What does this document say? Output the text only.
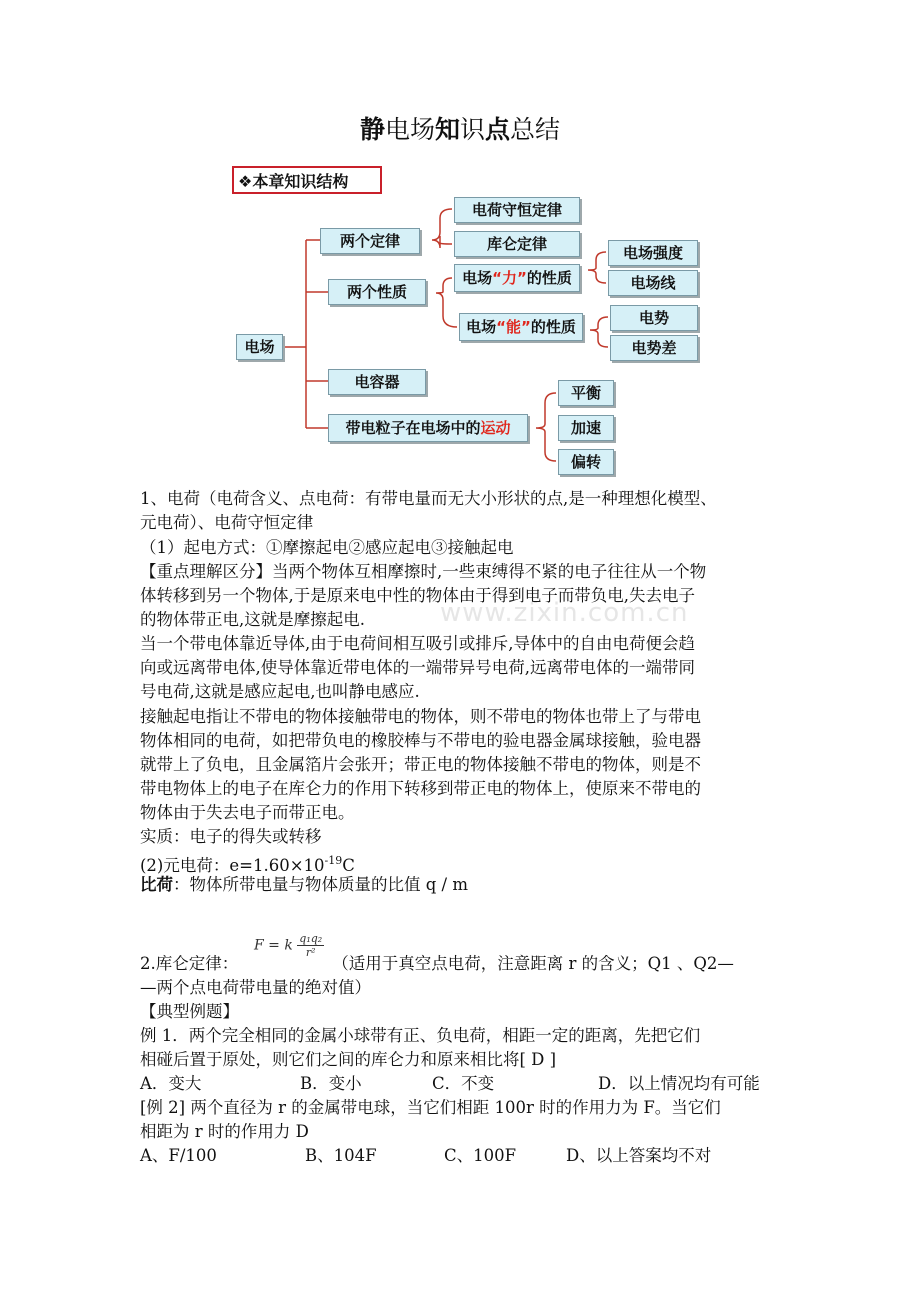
静电场知识点总结
❖本章知识结构
电荷守恒定律
库仑定律
两个定律
两个性质
电场“力”的性质
电场“能”的性质
电场强度
电场线
电势
电势差
电场
电容器
带电粒子在电场中的运动
平衡
加速
偏转
www.zixin.com.cn
1、电荷（电荷含义、点电荷：有带电量而无大小形状的点,是一种理想化模型、
元电荷）、电荷守恒定律
（1）起电方式：①摩擦起电②感应起电③接触起电
【重点理解区分】当两个物体互相摩擦时,一些束缚得不紧的电子往往从一个物
体转移到另一个物体,于是原来电中性的物体由于得到电子而带负电,失去电子
的物体带正电,这就是摩擦起电.
当一个带电体靠近导体,由于电荷间相互吸引或排斥,导体中的自由电荷便会趋
向或远离带电体,使导体靠近带电体的一端带异号电荷,远离带电体的一端带同
号电荷,这就是感应起电,也叫静电感应.
接触起电指让不带电的物体接触带电的物体，则不带电的物体也带上了与带电
物体相同的电荷，如把带负电的橡胶棒与不带电的验电器金属球接触，验电器
就带上了负电，且金属箔片会张开；带正电的物体接触不带电的物体，则是不
带电物体上的电子在库仑力的作用下转移到带正电的物体上，使原来不带电的
物体由于失去电子而带正电。
实质：电子的得失或转移
(2)元电荷：$e=1.60\times 10^{-19}C$
比荷：物体所带电量与物体质量的比值 q / m
F = k $\frac{\text{q₁q₂}}{\text{r²}}$
2.库仑定律：	（适用于真空点电荷，注意距离 r 的含义；Q1 、Q2—
—两个点电荷带电量的绝对值）
【典型例题】
例 1．两个完全相同的金属小球带有正、负电荷，相距一定的距离，先把它们
相碰后置于原处，则它们之间的库仑力和原来相比将[ D ]
A．变大	B．变小	C．不变	D．以上情况均有可能
[例 2] 两个直径为 r 的金属带电球，当它们相距 100r 时的作用力为 F。当它们
相距为 r 时的作用力 D
A、F/100	B、104F	C、100F	D、以上答案均不对
